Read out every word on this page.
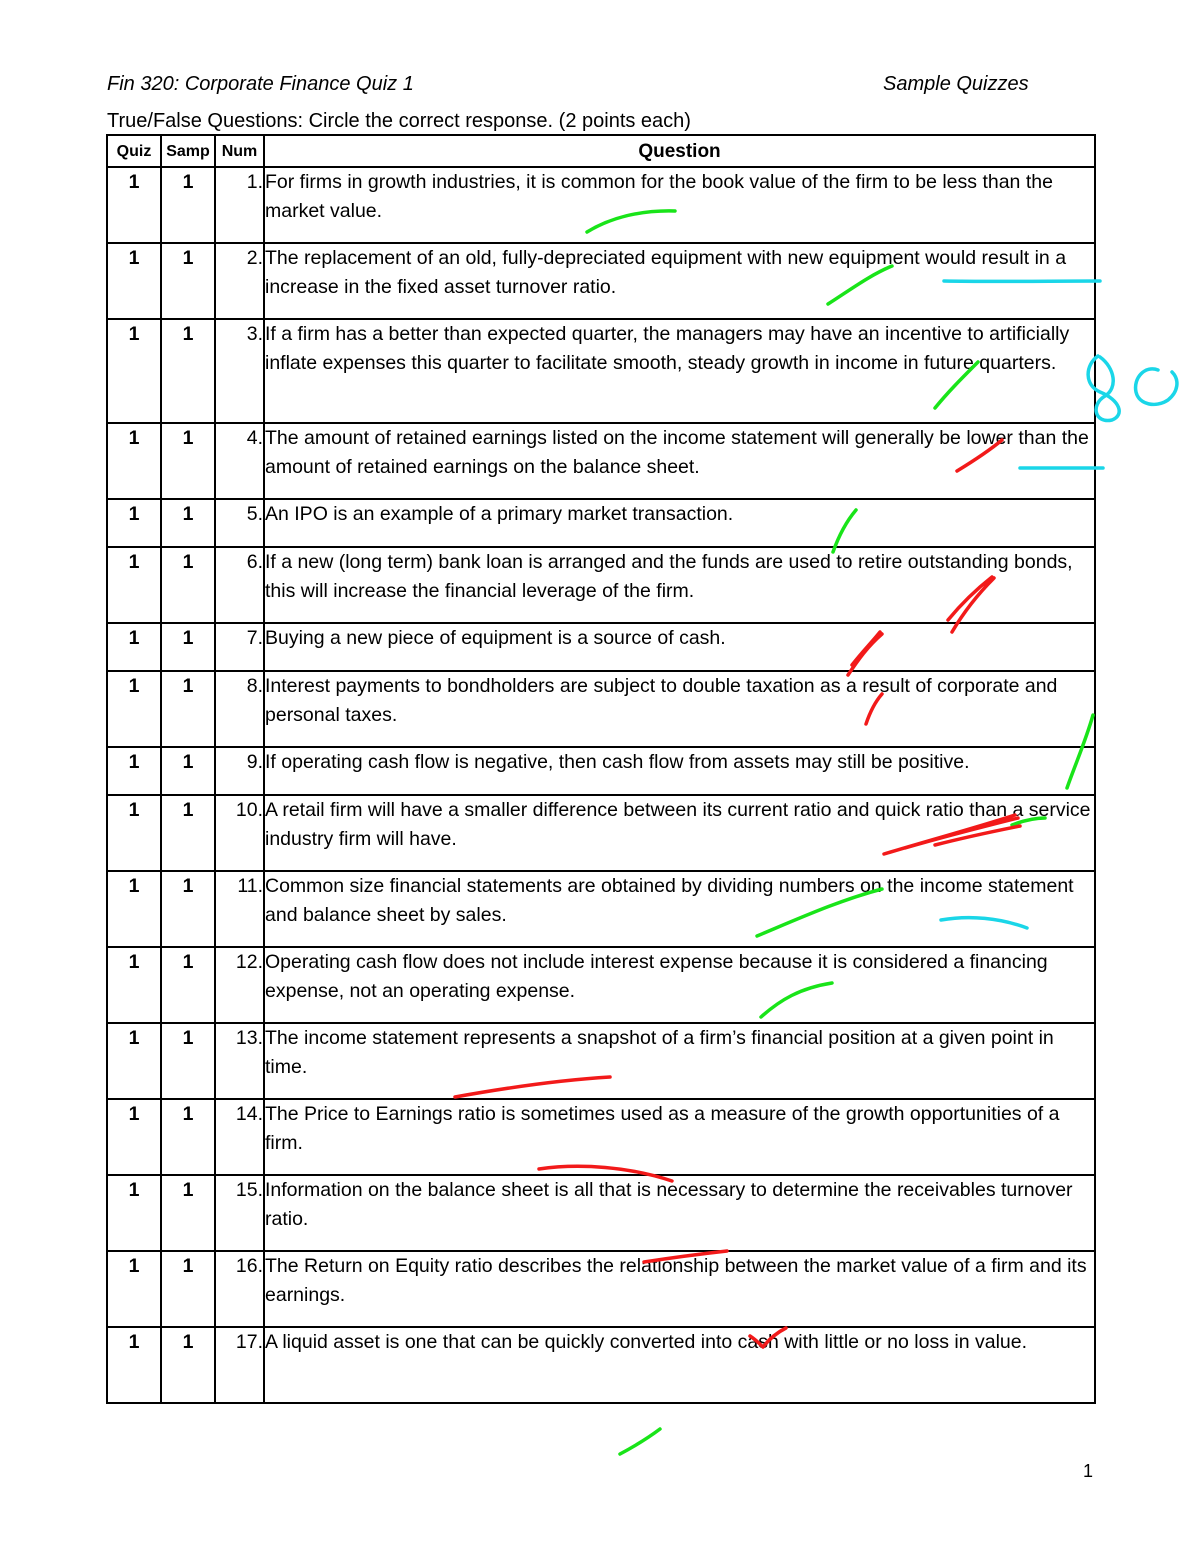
Fin 320: Corporate Finance Quiz 1	Sample Quizzes
True/False Questions: Circle the correct response. (2 points each)
Quiz	Samp	Num	Question
1	1	1.	For firms in growth industries, it is common for the book value of the firm to be less than the market value.
1	1	2.	The replacement of an old, fully-depreciated equipment with new equipment would result in a increase in the fixed asset turnover ratio.
1	1	3.	If a firm has a better than expected quarter, the managers may have an incentive to artificially inflate expenses this quarter to facilitate smooth, steady growth in income in future quarters.
1	1	4.	The amount of retained earnings listed on the income statement will generally be lower than the amount of retained earnings on the balance sheet.
1	1	5.	An IPO is an example of a primary market transaction.
1	1	6.	If a new (long term) bank loan is arranged and the funds are used to retire outstanding bonds, this will increase the financial leverage of the firm.
1	1	7.	Buying a new piece of equipment is a source of cash.
1	1	8.	Interest payments to bondholders are subject to double taxation as a result of corporate and personal taxes.
1	1	9.	If operating cash flow is negative, then cash flow from assets may still be positive.
1	1	10.	A retail firm will have a smaller difference between its current ratio and quick ratio than a service industry firm will have.
1	1	11.	Common size financial statements are obtained by dividing numbers on the income statement and balance sheet by sales.
1	1	12.	Operating cash flow does not include interest expense because it is considered a financing expense, not an operating expense.
1	1	13.	The income statement represents a snapshot of a firm’s financial position at a given point in time.
1	1	14.	The Price to Earnings ratio is sometimes used as a measure of the growth opportunities of a firm.
1	1	15.	Information on the balance sheet is all that is necessary to determine the receivables turnover ratio.
1	1	16.	The Return on Equity ratio describes the relationship between the market value of a firm and its earnings.
1	1	17.	A liquid asset is one that can be quickly converted into cash with little or no loss in value.
1
